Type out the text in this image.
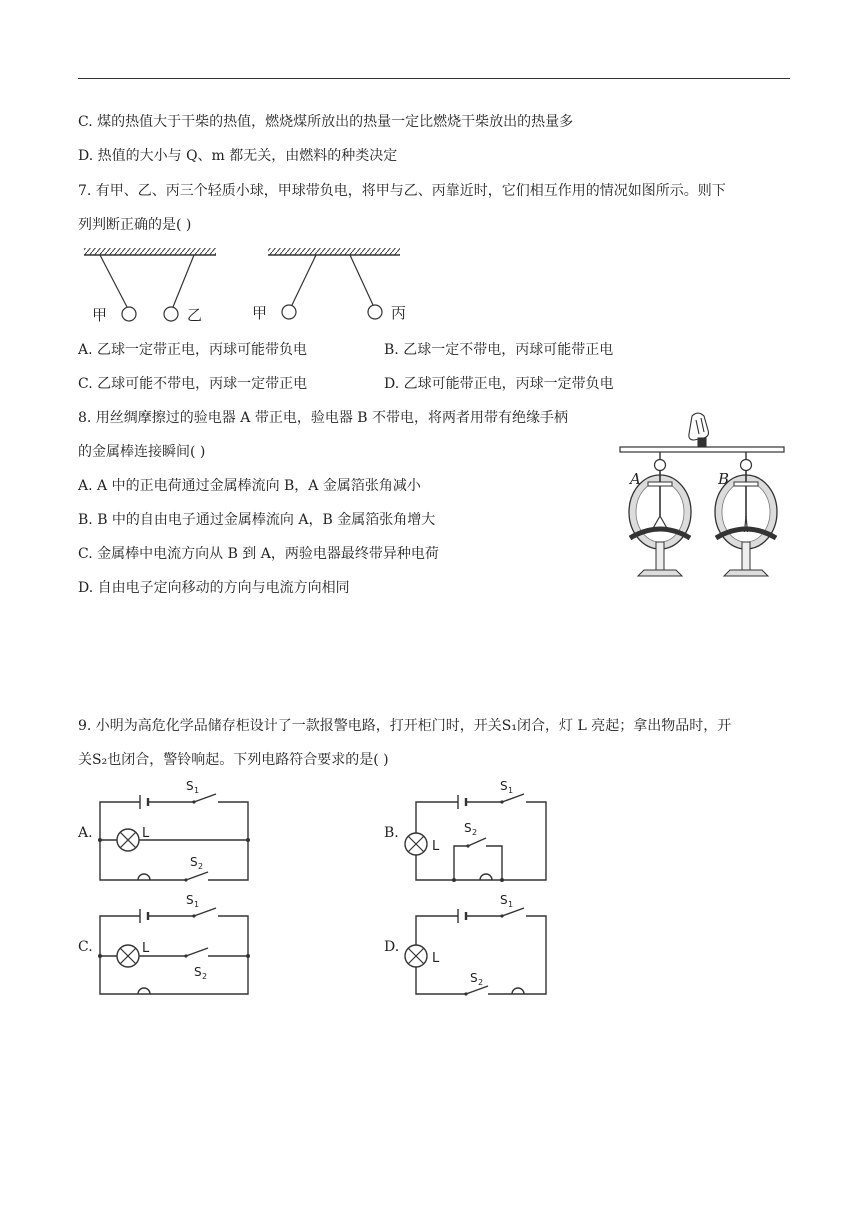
C. 煤的热值大于干柴的热值，燃烧煤所放出的热量一定比燃烧干柴放出的热量多
D. 热值的大小与 Q、m 都无关，由燃料的种类决定
7. 有甲、乙、丙三个轻质小球，甲球带负电，将甲与乙、丙靠近时，它们相互作用的情况如图所示。则下
列判断正确的是( )
甲	乙	甲	丙
A. 乙球一定带正电，丙球可能带负电	B. 乙球一定不带电，丙球可能带正电
C. 乙球可能不带电，丙球一定带正电	D. 乙球可能带正电，丙球一定带负电
8. 用丝绸摩擦过的验电器 A 带正电，验电器 B 不带电，将两者用带有绝缘手柄
的金属棒连接瞬间( )
A. A 中的正电荷通过金属棒流向 B，A 金属箔张角减小
B. B 中的自由电子通过金属棒流向 A，B 金属箔张角增大
C. 金属棒中电流方向从 B 到 A，两验电器最终带异种电荷
D. 自由电子定向移动的方向与电流方向相同
A	B
9. 小明为高危化学品储存柜设计了一款报警电路，打开柜门时，开关S₁闭合，灯 L 亮起；拿出物品时，开
关S₂也闭合，警铃响起。下列电路符合要求的是( )
A.
S 1
L
S 2
B.
S 1
L
S 2
C.
S 1
L
S 2
D.
S 1
L
S 2
